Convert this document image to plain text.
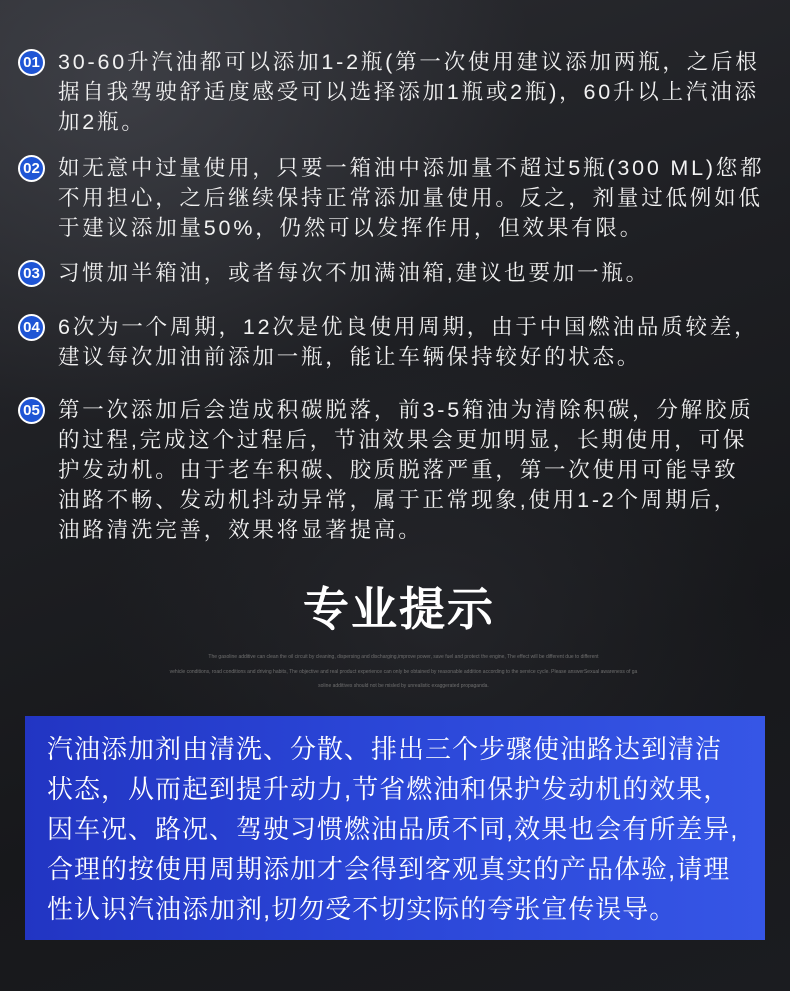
01 30-60升汽油都可以添加1-2瓶(第一次使用建议添加两瓶，之后根
据自我驾驶舒适度感受可以选择添加1瓶或2瓶)，60升以上汽油添
加2瓶。
02 如无意中过量使用，只要一箱油中添加量不超过5瓶(300 ML)您都
不用担心，之后继续保持正常添加量使用。反之，剂量过低例如低
于建议添加量50%，仍然可以发挥作用，但效果有限。
03 习惯加半箱油，或者每次不加满油箱,建议也要加一瓶。
04 6次为一个周期，12次是优良使用周期，由于中国燃油品质较差，
建议每次加油前添加一瓶，能让车辆保持较好的状态。
05 第一次添加后会造成积碳脱落，前3-5箱油为清除积碳，分解胶质
的过程,完成这个过程后，节油效果会更加明显，长期使用，可保
护发动机。由于老车积碳、胶质脱落严重，第一次使用可能导致
油路不畅、发动机抖动异常，属于正常现象,使用1-2个周期后，
油路清洗完善，效果将显著提高。
专业提示
The gasoline additive can clean the oil circuit by cleaning, dispersing and discharging,improve power, save fuel and protect the engine, The effect will be different due to different
vehicle conditions, road conditions and driving habits, The objective and real product experience can only be obtained by reasonable addition according to the service cycle. Please answerSexual awareness of ga
soline additives should not be misled by unrealistic exaggerated propaganda.
汽油添加剂由清洗、分散、排出三个步骤使油路达到清洁
状态，从而起到提升动力,节省燃油和保护发动机的效果，
因车况、路况、驾驶习惯燃油品质不同,效果也会有所差异,
合理的按使用周期添加才会得到客观真实的产品体验,请理
性认识汽油添加剂,切勿受不切实际的夸张宣传误导。
